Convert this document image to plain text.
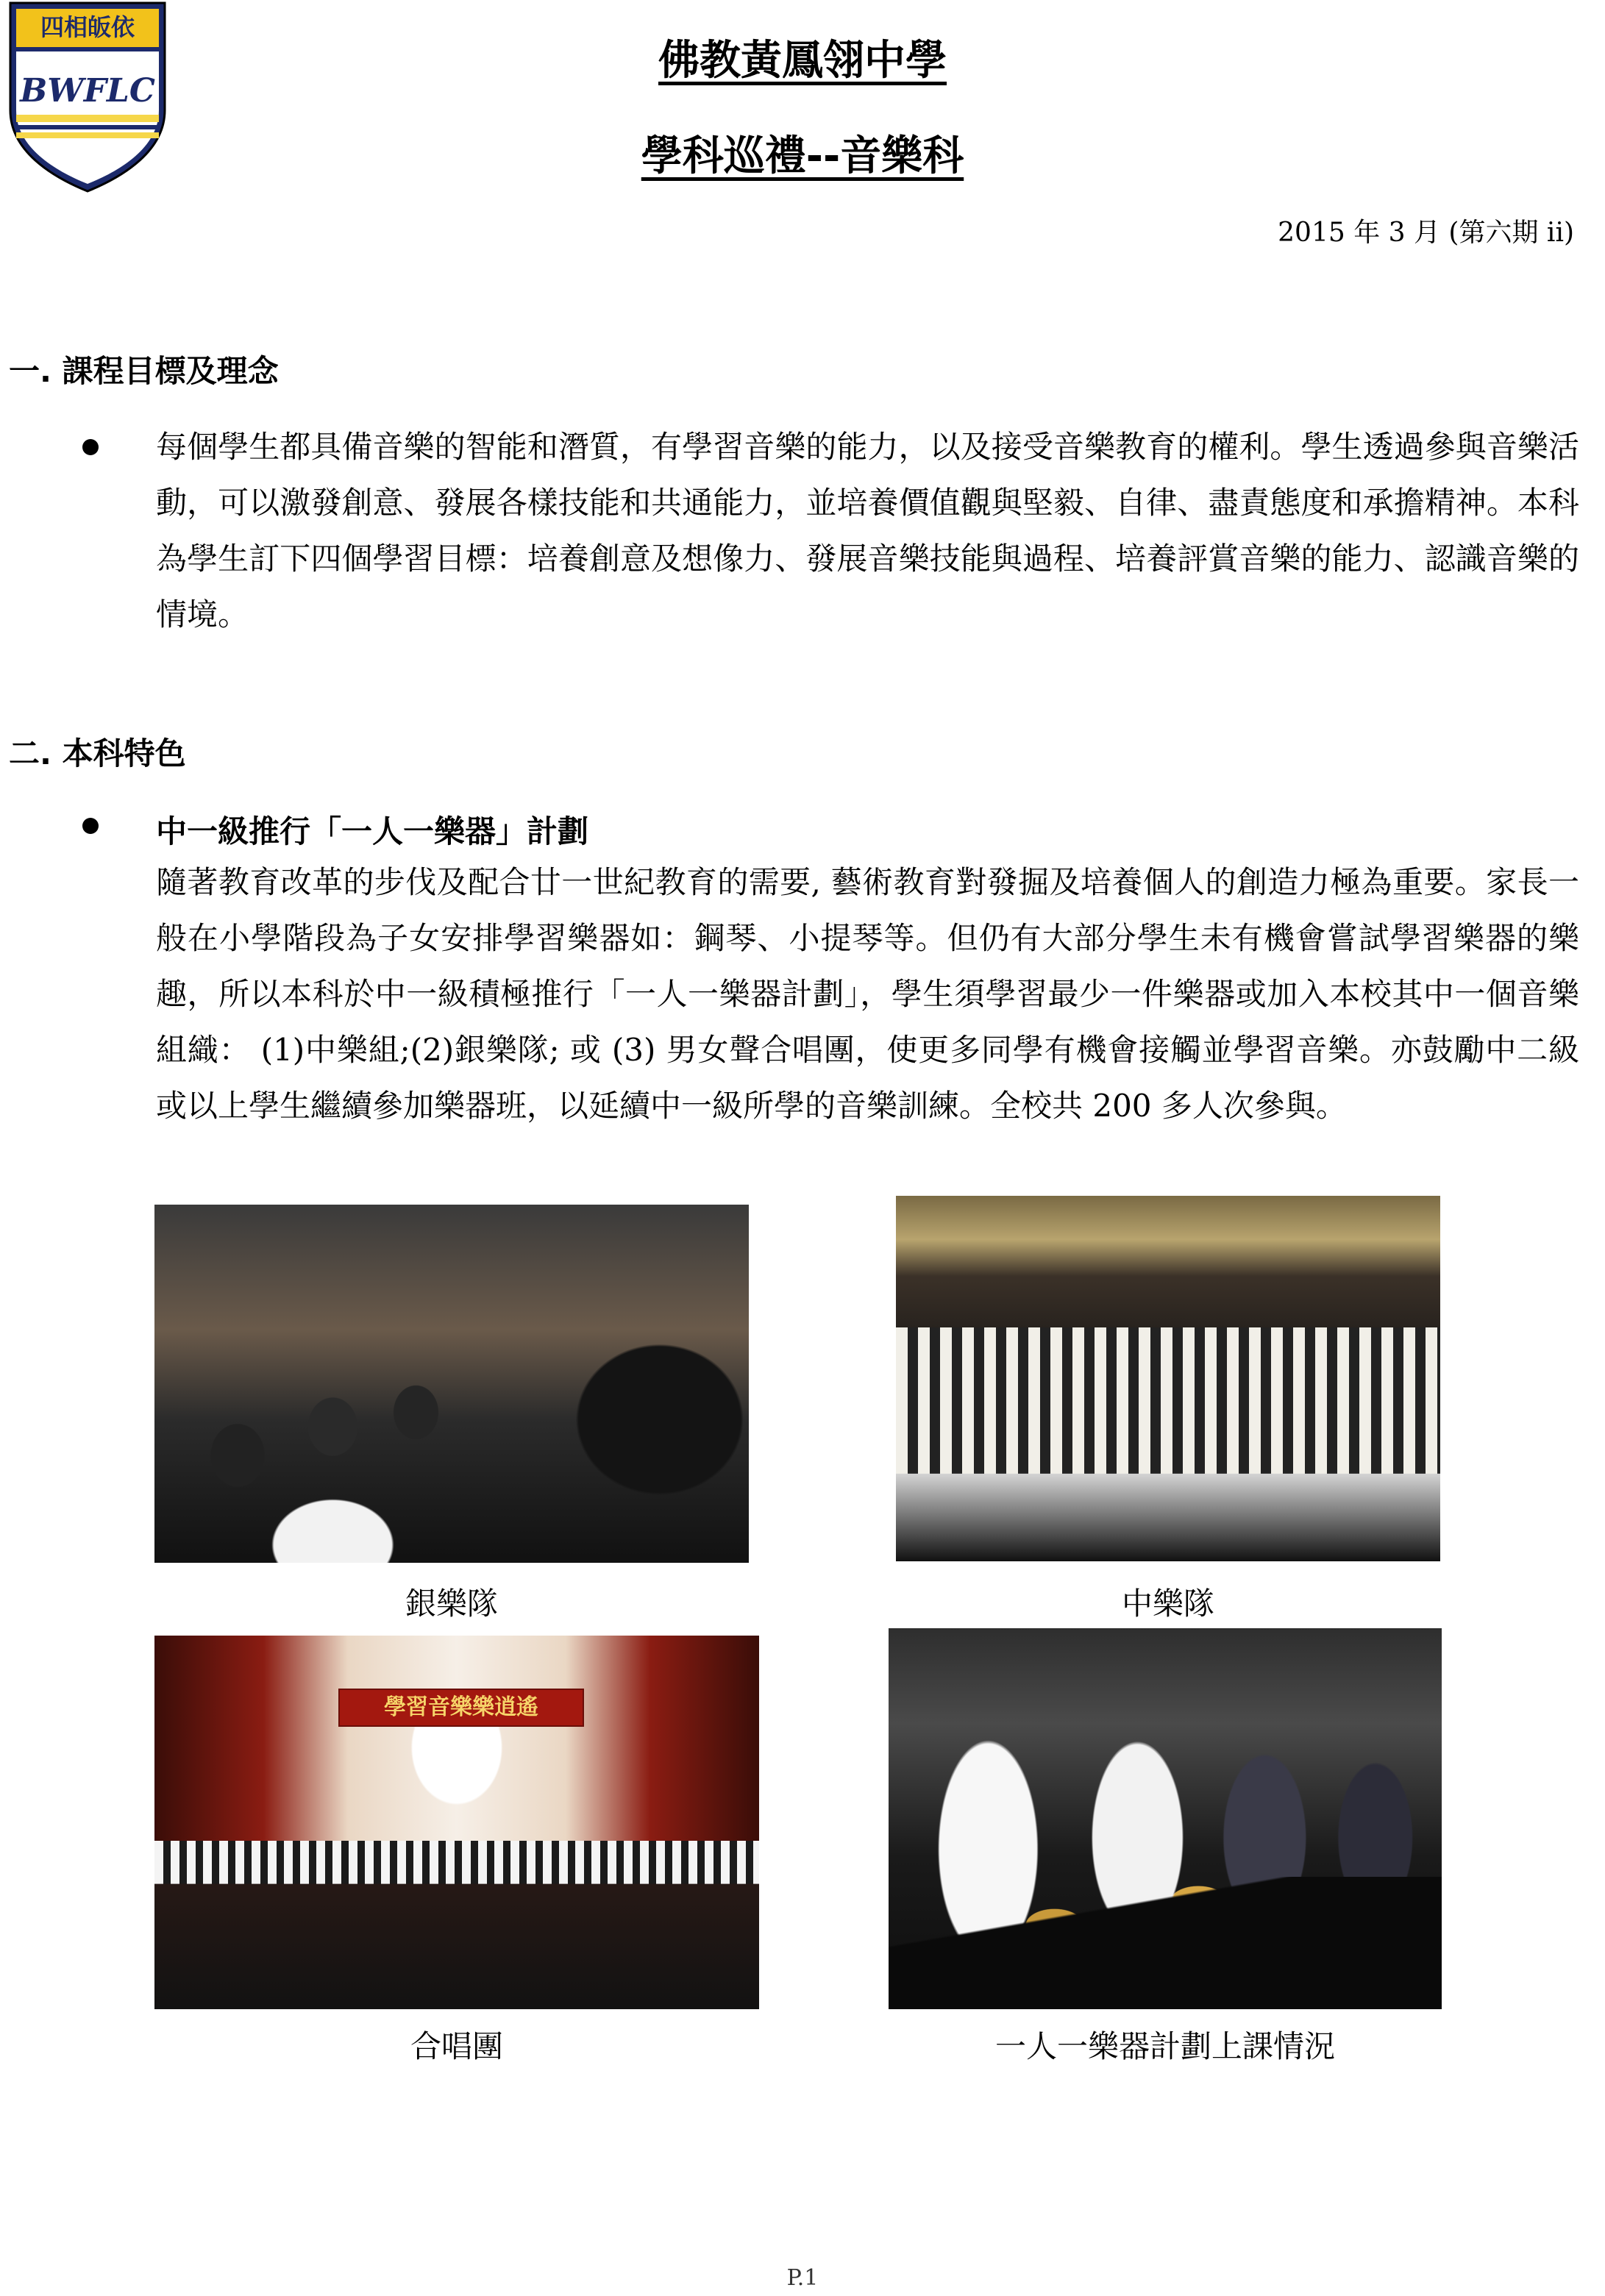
四相皈依
BWFLC
佛教黃鳳翎中學
學科巡禮--音樂科
2015 年 3 月 (第六期 ii)
一. 課程目標及理念
每個學生都具備音樂的智能和潛質，有學習音樂的能力，以及接受音樂教育的權利。學生透過參與音樂活動，可以激發創意、發展各樣技能和共通能力，並培養價值觀與堅毅、自律、盡責態度和承擔精神。本科為學生訂下四個學習目標：培養創意及想像力、發展音樂技能與過程、培養評賞音樂的能力、認識音樂的情境。
二. 本科特色
中一級推行「一人一樂器」計劃
隨著教育改革的步伐及配合廿一世紀教育的需要, 藝術教育對發掘及培養個人的創造力極為重要。家長一般在小學階段為子女安排學習樂器如：鋼琴、小提琴等。但仍有大部分學生未有機會嘗試學習樂器的樂趣，所以本科於中一級積極推行「一人一樂器計劃」，學生須學習最少一件樂器或加入本校其中一個音樂組織： (1)中樂組;(2)銀樂隊; 或 (3) 男女聲合唱團，使更多同學有機會接觸並學習音樂。亦鼓勵中二級或以上學生繼續參加樂器班，以延續中一級所學的音樂訓練。全校共 200 多人次參與。
銀樂隊	中樂隊
學習音樂樂逍遙
合唱團	一人一樂器計劃上課情況
P.1
